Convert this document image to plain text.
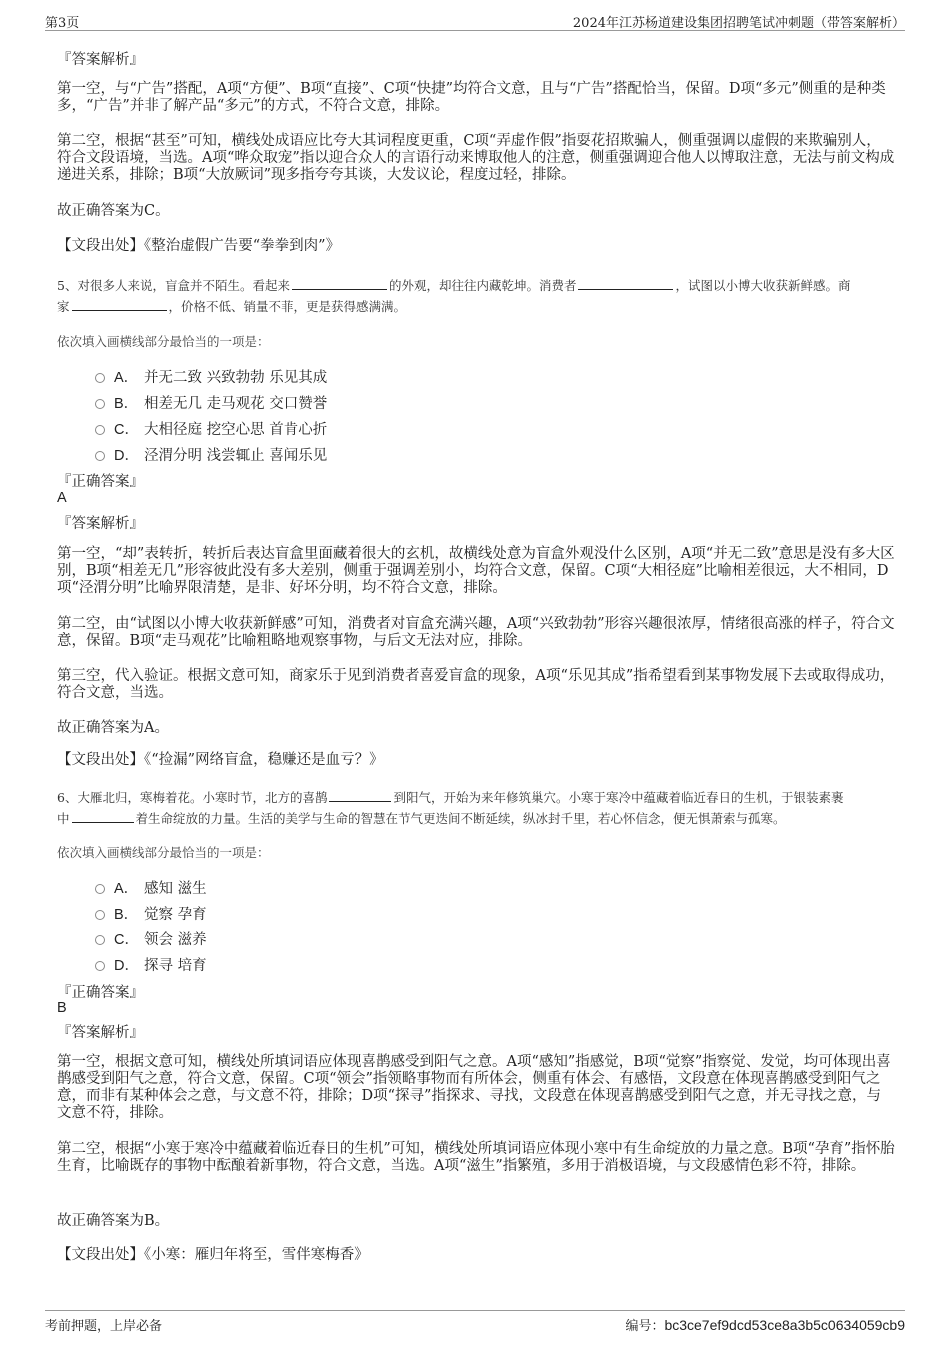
第3页	2024年江苏杨道建设集团招聘笔试冲刺题（带答案解析）
『答案解析』
第一空，与“广告”搭配，A项“方便”、B项“直接”、C项“快捷”均符合文意，且与“广告”搭配恰当，保留。D项“多元”侧重的是种类多，“广告”并非了解产品“多元”的方式，不符合文意，排除。
第二空，根据“甚至”可知，横线处成语应比夸大其词程度更重，C项“弄虚作假”指耍花招欺骗人，侧重强调以虚假的来欺骗别人，符合文段语境，当选。A项“哗众取宠”指以迎合众人的言语行动来博取他人的注意，侧重强调迎合他人以博取注意，无法与前文构成递进关系，排除；B项“大放厥词”现多指夸夸其谈，大发议论，程度过轻，排除。
故正确答案为C。
【文段出处】《整治虚假广告要“拳拳到肉”》
5、对很多人来说，盲盒并不陌生。看起来	的外观，却往往内藏乾坤。消费者	，试图以小博大收获新鲜感。商
家	，价格不低、销量不菲，更是获得感满满。
依次填入画横线部分最恰当的一项是：
A． 并无二致 兴致勃勃 乐见其成
B． 相差无几 走马观花 交口赞誉
C． 大相径庭 挖空心思 首肯心折
D． 泾渭分明 浅尝辄止 喜闻乐见
『正确答案』
A
『答案解析』
第一空，“却”表转折，转折后表达盲盒里面藏着很大的玄机，故横线处意为盲盒外观没什么区别，A项“并无二致”意思是没有多大区别，B项“相差无几”形容彼此没有多大差别，侧重于强调差别小，均符合文意，保留。C项“大相径庭”比喻相差很远，大不相同，D项“泾渭分明”比喻界限清楚，是非、好坏分明，均不符合文意，排除。
第二空，由“试图以小博大收获新鲜感”可知，消费者对盲盒充满兴趣，A项“兴致勃勃”形容兴趣很浓厚，情绪很高涨的样子，符合文意，保留。B项“走马观花”比喻粗略地观察事物，与后文无法对应，排除。
第三空，代入验证。根据文意可知，商家乐于见到消费者喜爱盲盒的现象，A项“乐见其成”指希望看到某事物发展下去或取得成功，符合文意，当选。
故正确答案为A。
【文段出处】《“捡漏”网络盲盒，稳赚还是血亏？》
6、大雁北归，寒梅着花。小寒时节，北方的喜鹊	到阳气，开始为来年修筑巢穴。小寒于寒冷中蕴藏着临近春日的生机，于银装素裹
中	着生命绽放的力量。生活的美学与生命的智慧在节气更迭间不断延续，纵冰封千里，若心怀信念，便无惧萧索与孤寒。
依次填入画横线部分最恰当的一项是：
A． 感知 滋生
B． 觉察 孕育
C． 领会 滋养
D． 探寻 培育
『正确答案』
B
『答案解析』
第一空，根据文意可知，横线处所填词语应体现喜鹊感受到阳气之意。A项“感知”指感觉，B项“觉察”指察觉、发觉，均可体现出喜鹊感受到阳气之意，符合文意，保留。C项“领会”指领略事物而有所体会，侧重有体会、有感悟，文段意在体现喜鹊感受到阳气之意，而非有某种体会之意，与文意不符，排除；D项“探寻”指探求、寻找，文段意在体现喜鹊感受到阳气之意，并无寻找之意，与文意不符，排除。
第二空，根据“小寒于寒冷中蕴藏着临近春日的生机”可知，横线处所填词语应体现小寒中有生命绽放的力量之意。B项“孕育”指怀胎生育，比喻既存的事物中酝酿着新事物，符合文意，当选。A项“滋生”指繁殖，多用于消极语境，与文段感情色彩不符，排除。
故正确答案为B。
【文段出处】《小寒：雁归年将至，雪伴寒梅香》
考前押题，上岸必备	编号：bc3ce7ef9dcd53ce8a3b5c0634059cb9
